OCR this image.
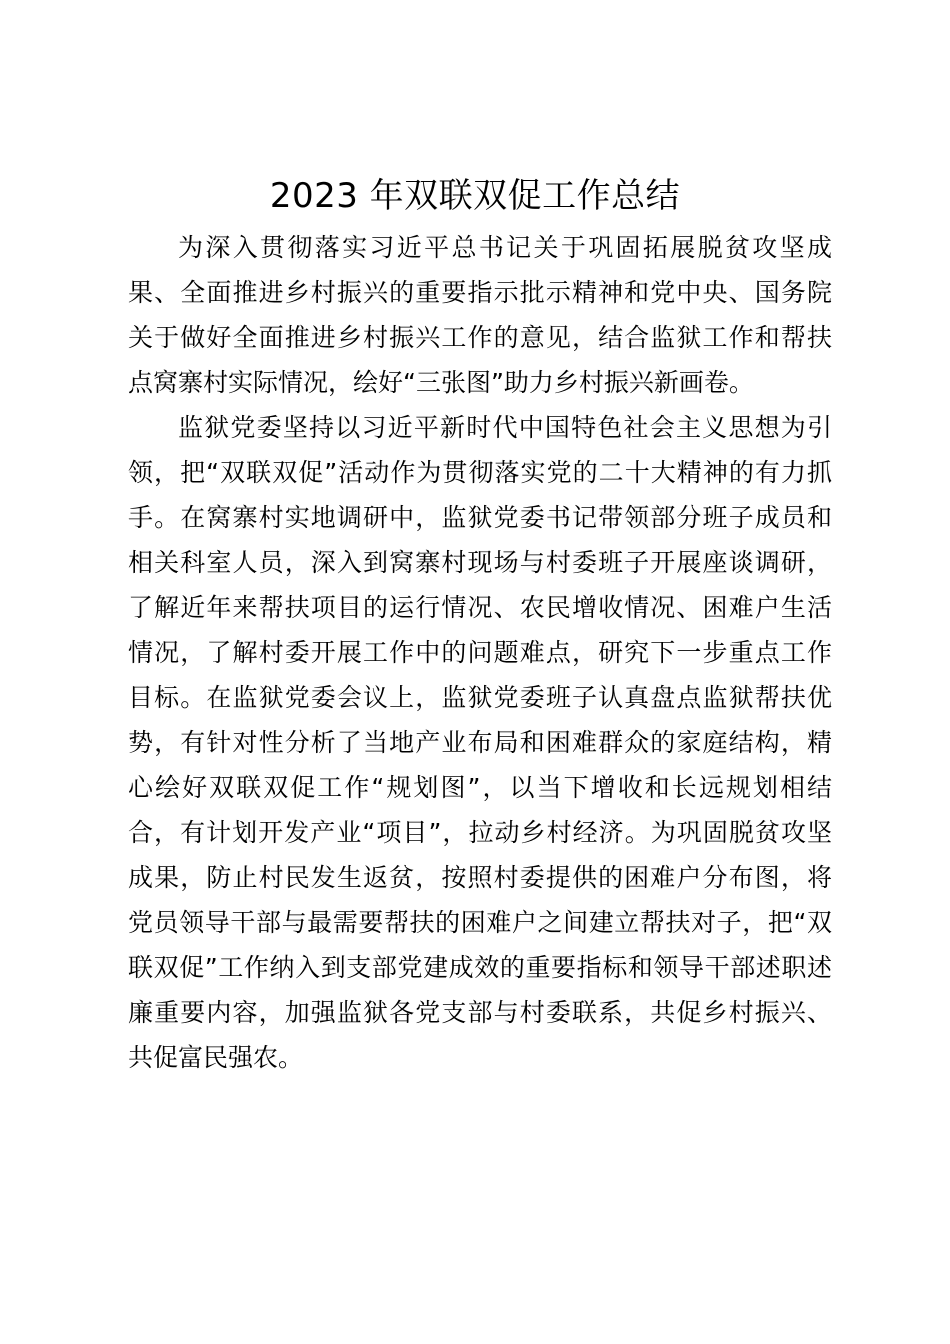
2023 年双联双促工作总结
为深入贯彻落实习近平总书记关于巩固拓展脱贫攻坚成
果、全面推进乡村振兴的重要指示批示精神和党中央、国务院
关于做好全面推进乡村振兴工作的意见，结合监狱工作和帮扶
点窝寨村实际情况，绘好“三张图”助力乡村振兴新画卷。
监狱党委坚持以习近平新时代中国特色社会主义思想为引
领，把“双联双促”活动作为贯彻落实党的二十大精神的有力抓
手。在窝寨村实地调研中，监狱党委书记带领部分班子成员和
相关科室人员，深入到窝寨村现场与村委班子开展座谈调研，
了解近年来帮扶项目的运行情况、农民增收情况、困难户生活
情况，了解村委开展工作中的问题难点，研究下一步重点工作
目标。在监狱党委会议上，监狱党委班子认真盘点监狱帮扶优
势，有针对性分析了当地产业布局和困难群众的家庭结构，精
心绘好双联双促工作“规划图”，以当下增收和长远规划相结
合，有计划开发产业“项目”，拉动乡村经济。为巩固脱贫攻坚
成果，防止村民发生返贫，按照村委提供的困难户分布图，将
党员领导干部与最需要帮扶的困难户之间建立帮扶对子，把“双
联双促”工作纳入到支部党建成效的重要指标和领导干部述职述
廉重要内容，加强监狱各党支部与村委联系，共促乡村振兴、
共促富民强农。
